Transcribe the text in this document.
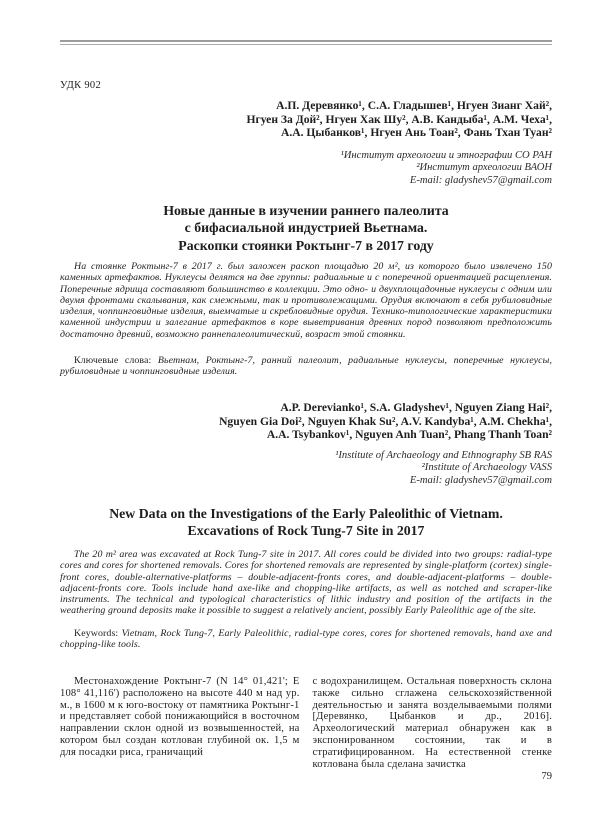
УДК 902
А.П. Деревянко¹, С.А. Гладышев¹, Нгуен Зианг Хай²,
Нгуен За Дой², Нгуен Хак Шу², А.В. Кандыба¹, А.М. Чеха¹,
А.А. Цыбанков¹, Нгуен Ань Тоан², Фань Тхан Туан²
¹Институт археологии и этнографии СО РАН
²Институт археологии ВАОН
E-mail: gladyshev57@gmail.com
Новые данные в изучении раннего палеолита
с бифасиальной индустрией Вьетнама.
Раскопки стоянки Роктынг-7 в 2017 году
На стоянке Роктынг-7 в 2017 г. был заложен раскоп площадью 20 м², из которого было извлечено 150 каменных артефактов. Нуклеусы делятся на две группы: радиальные и с поперечной ориентацией расщепления. Поперечные ядрища составляют большинство в коллекции. Это одно- и двухплощадочные нуклеусы с одним или двумя фронтами скалывания, как смежными, так и противолежащими. Орудия включают в себя рубиловидные изделия, чоппинговидные изделия, выемчатые и скребловидные орудия. Технико-типологические характеристики каменной индустрии и залегание артефактов в коре выветривания древних пород позволяют предположить достаточно древний, возможно раннепалеолитический, возраст этой стоянки.
Ключевые слова: Вьетнам, Роктынг-7, ранний палеолит, радиальные нуклеусы, поперечные нуклеусы, рубиловидные и чоппинговидные изделия.
A.P. Derevianko¹, S.A. Gladyshev¹, Nguyen Ziang Hai²,
Nguyen Gia Doi², Nguyen Khak Su², A.V. Kandyba¹, A.M. Chekha¹,
A.A. Tsybankov¹, Nguyen Anh Tuan², Phang Thanh Toan²
¹Institute of Archaeology and Ethnography SB RAS
²Institute of Archaeology VASS
E-mail: gladyshev57@gmail.com
New Data on the Investigations of the Early Paleolithic of Vietnam.
Excavations of Rock Tung-7 Site in 2017
The 20 m² area was excavated at Rock Tung-7 site in 2017. All cores could be divided into two groups: radial-type cores and cores for shortened removals. Cores for shortened removals are represented by single-platform (cortex) single-front cores, double-alternative-platforms – double-adjacent-fronts cores, and double-adjacent-platforms – double-adjacent-fronts core. Tools include hand axe-like and chopping-like artifacts, as well as notched and scraper-like instruments. The technical and typological characteristics of lithic industry and position of the artifacts in the weathering ground deposits make it possible to suggest a relatively ancient, possibly Early Paleolithic age of the site.
Keywords: Vietnam, Rock Tung-7, Early Paleolithic, radial-type cores, cores for shortened removals, hand axe and chopping-like tools.

Местонахождение Роктынг-7 (N 14° 01,421'; E 108° 41,116') расположено на высоте 440 м над ур. м., в 1600 м к юго-востоку от памятника Роктынг-1 и представляет собой понижающийся в восточном направлении склон одной из возвышенностей, на котором был создан котлован глубиной ок. 1,5 м для посадки риса, граничащий

с водохранилищем. Остальная поверхность склона также сильно сглажена сельскохозяйственной деятельностью и занята возделываемыми полями [Деревянко, Цыбанков и др., 2016]. Археологический материал обнаружен как в экспонированном состоянии, так и в стратифицированном. На естественной стенке котлована была сделана зачистка

79
